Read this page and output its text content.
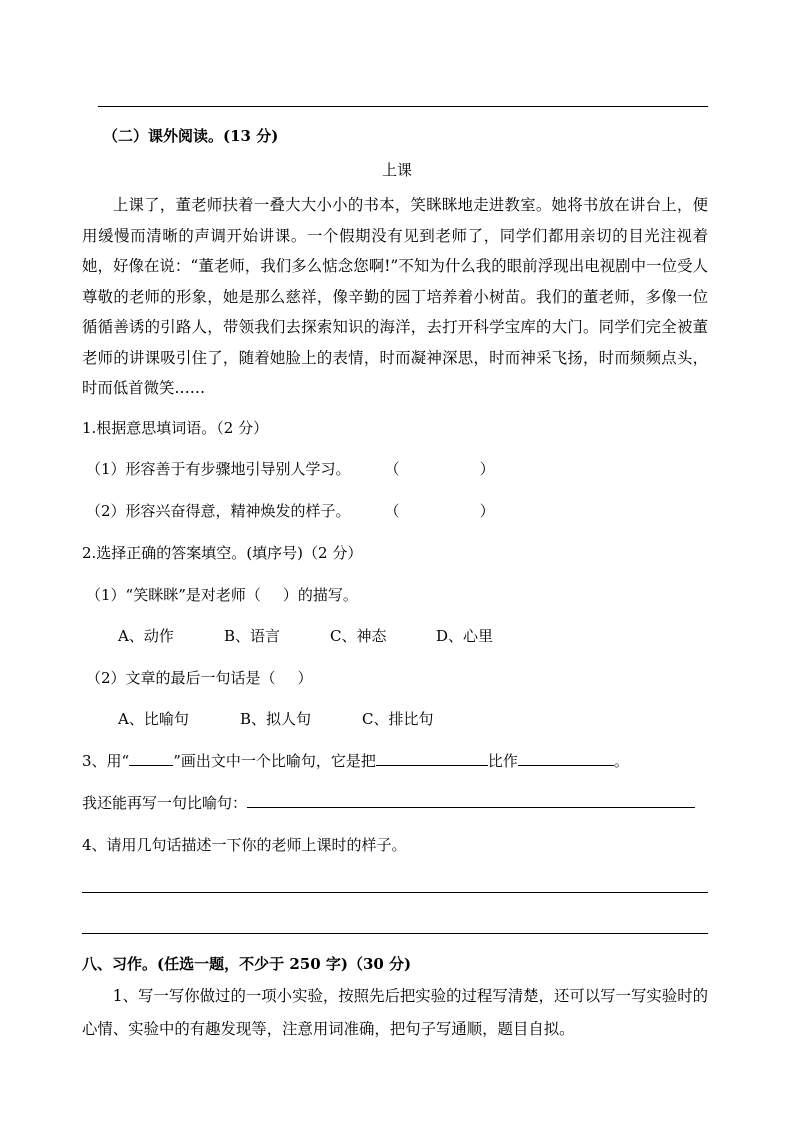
（二）课外阅读。(13 分)
上课

上课了，董老师扶着一叠大大小小的书本，笑眯眯地走进教室。她将书放在讲台上，便用缓慢而清晰的声调开始讲课。一个假期没有见到老师了，同学们都用亲切的目光注视着她，好像在说：“董老师，我们多么惦念您啊!”不知为什么我的眼前浮现出电视剧中一位受人尊敬的老师的形象，她是那么慈祥，像辛勤的园丁培养着小树苗。我们的董老师，多像一位循循善诱的引路人，带领我们去探索知识的海洋，去打开科学宝库的大门。同学们完全被董老师的讲课吸引住了，随着她脸上的表情，时而凝神深思，时而神采飞扬，时而频频点头，时而低首微笑……

1.根据意思填词语。（2 分）
（1）形容善于有步骤地引导别人学习。 （	）
（2）形容兴奋得意，精神焕发的样子。 （	）
2.选择正确的答案填空。(填序号)（2 分）
（1）“笑眯眯”是对老师（ ）的描写。
A、动作	B、语言	C、神态	D、心里
（2）文章的最后一句话是（ ）
A、比喻句	B、拟人句	C、排比句
3、用“	”画出文中一个比喻句，它是把	比作	。
我还能再写一句比喻句：
4、请用几句话描述一下你的老师上课时的样子。
八、习作。(任选一题，不少于 250 字)（30 分)

1、写一写你做过的一项小实验，按照先后把实验的过程写清楚，还可以写一写实验时的心情、实验中的有趣发现等，注意用词准确，把句子写通顺，题目自拟。
